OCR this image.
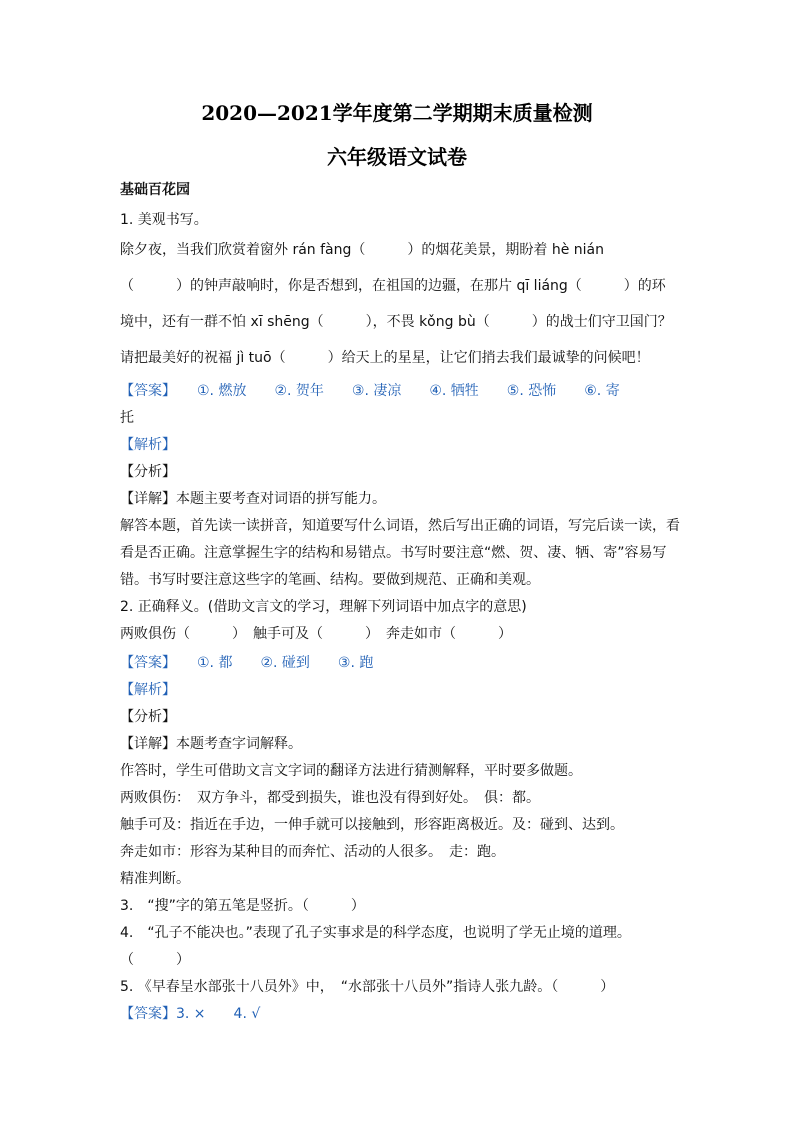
2020—2021学年度第二学期期末质量检测
六年级语文试卷
基础百花园
1. 美观书写。
除夕夜，当我们欣赏着窗外 rán fàng（　　　）的烟花美景，期盼着 hè nián
（　　　）的钟声敲响时，你是否想到，在祖国的边疆，在那片 qī liáng（　　　）的环
境中，还有一群不怕 xī shēng（　　　），不畏 kǒng bù（　　　）的战士们守卫国门？
请把最美好的祝福 jì tuō（　　　）给天上的星星，让它们捎去我们最诚挚的问候吧！
【答案】　　①. 燃放　　②. 贺年　　③. 凄凉　　④. 牺牲　　⑤. 恐怖　　⑥. 寄
托
【解析】
【分析】
【详解】本题主要考查对词语的拼写能力。
解答本题，首先读一读拼音，知道要写什么词语，然后写出正确的词语，写完后读一读，看
看是否正确。注意掌握生字的结构和易错点。书写时要注意“燃、贺、凄、牺、寄”容易写
错。书写时要注意这些字的笔画、结构。要做到规范、正确和美观。
2. 正确释义。(借助文言文的学习，理解下列词语中加点字的意思)
两败俱伤（　　　）　触手可及（　　　）　奔走如市（　　　）
【答案】　　①. 都　　②. 碰到　　③. 跑
【解析】
【分析】
【详解】本题考查字词解释。
作答时，学生可借助文言文字词的翻译方法进行猜测解释，平时要多做题。
两败俱伤：　双方争斗，都受到损失，谁也没有得到好处。　俱：都。
触手可及：指近在手边，一伸手就可以接触到，形容距离极近。及：碰到、达到。
奔走如市：形容为某种目的而奔忙、活动的人很多。　走：跑。
精准判断。
3.　“搜”字的第五笔是竖折。（　　　）
4.　“孔子不能决也。”表现了孔子实事求是的科学态度，也说明了学无止境的道理。
（　　　）
5. 《早春呈水部张十八员外》中，　“水部张十八员外”指诗人张九龄。（　　　）
【答案】3. ×　　4. √
